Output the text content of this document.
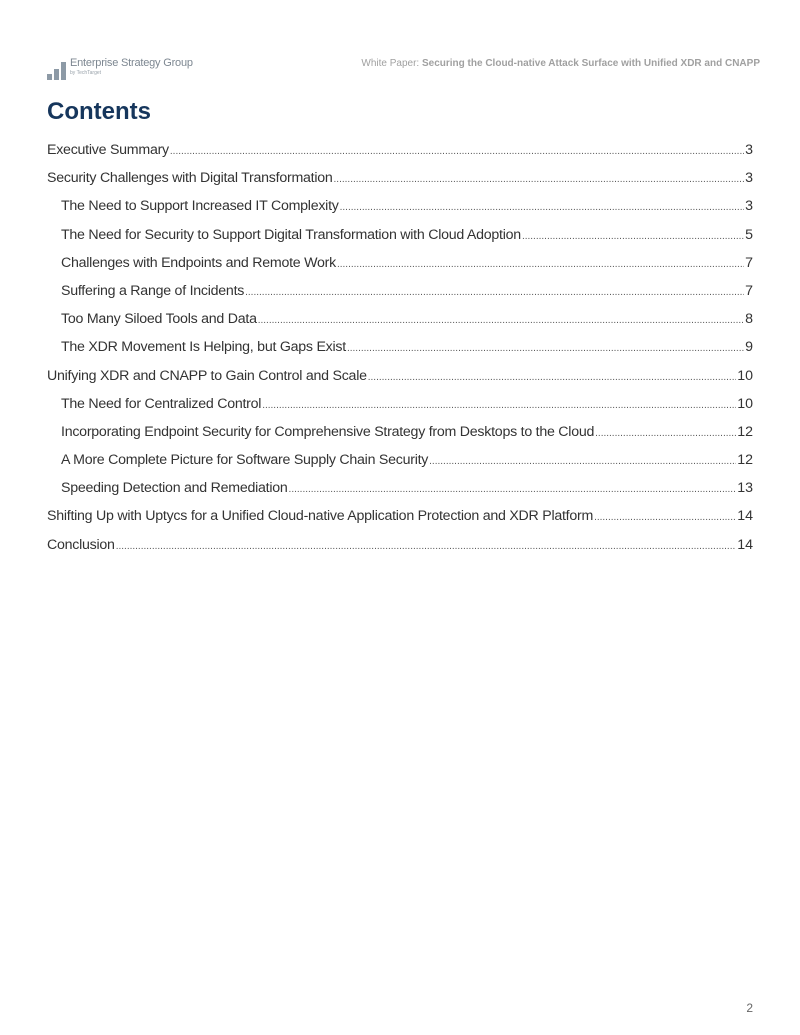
Enterprise Strategy Group
by TechTarget
White Paper: Securing the Cloud-native Attack Surface with Unified XDR and CNAPP
Contents
Executive Summary .....	3
Security Challenges with Digital Transformation .....	3
The Need to Support Increased IT Complexity .....	3
The Need for Security to Support Digital Transformation with Cloud Adoption .....	5
Challenges with Endpoints and Remote Work .....	7
Suffering a Range of Incidents .....	7
Too Many Siloed Tools and Data .....	8
The XDR Movement Is Helping, but Gaps Exist .....	9
Unifying XDR and CNAPP to Gain Control and Scale .....	10
The Need for Centralized Control .....	10
Incorporating Endpoint Security for Comprehensive Strategy from Desktops to the Cloud .....	12
A More Complete Picture for Software Supply Chain Security .....	12
Speeding Detection and Remediation .....	13
Shifting Up with Uptycs for a Unified Cloud-native Application Protection and XDR Platform .....	14
Conclusion .....	14
2
